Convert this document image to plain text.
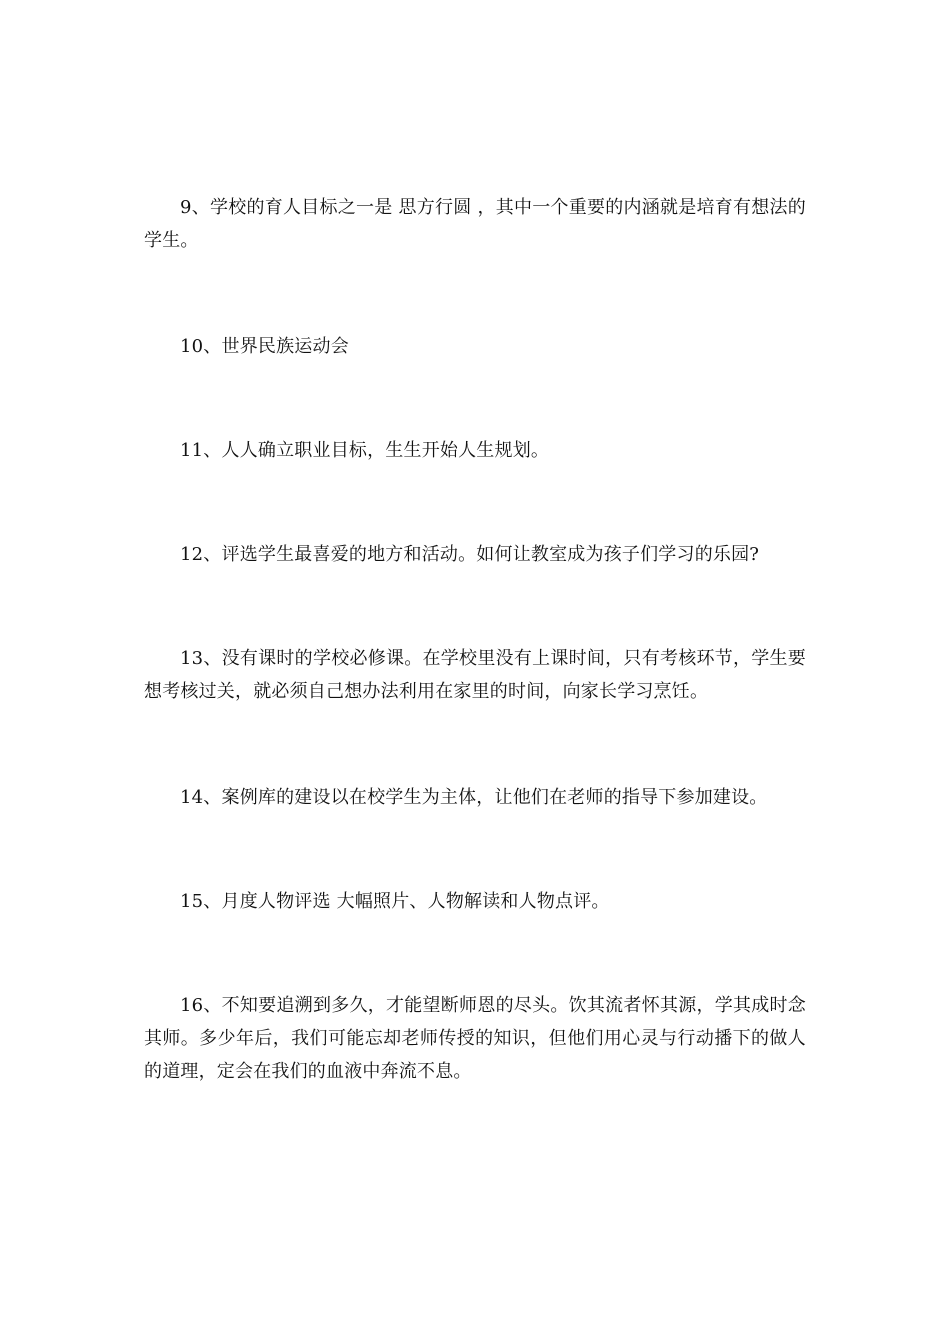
9、学校的育人目标之一是 思方行圆 ，其中一个重要的内涵就是培育有想法的学生。

10、世界民族运动会

11、人人确立职业目标，生生开始人生规划。

12、评选学生最喜爱的地方和活动。如何让教室成为孩子们学习的乐园?

13、没有课时的学校必修课。在学校里没有上课时间，只有考核环节，学生要想考核过关，就必须自己想办法利用在家里的时间，向家长学习烹饪。

14、案例库的建设以在校学生为主体，让他们在老师的指导下参加建设。

15、月度人物评选 大幅照片、人物解读和人物点评。

16、不知要追溯到多久，才能望断师恩的尽头。饮其流者怀其源，学其成时念其师。多少年后，我们可能忘却老师传授的知识，但他们用心灵与行动播下的做人的道理，定会在我们的血液中奔流不息。
